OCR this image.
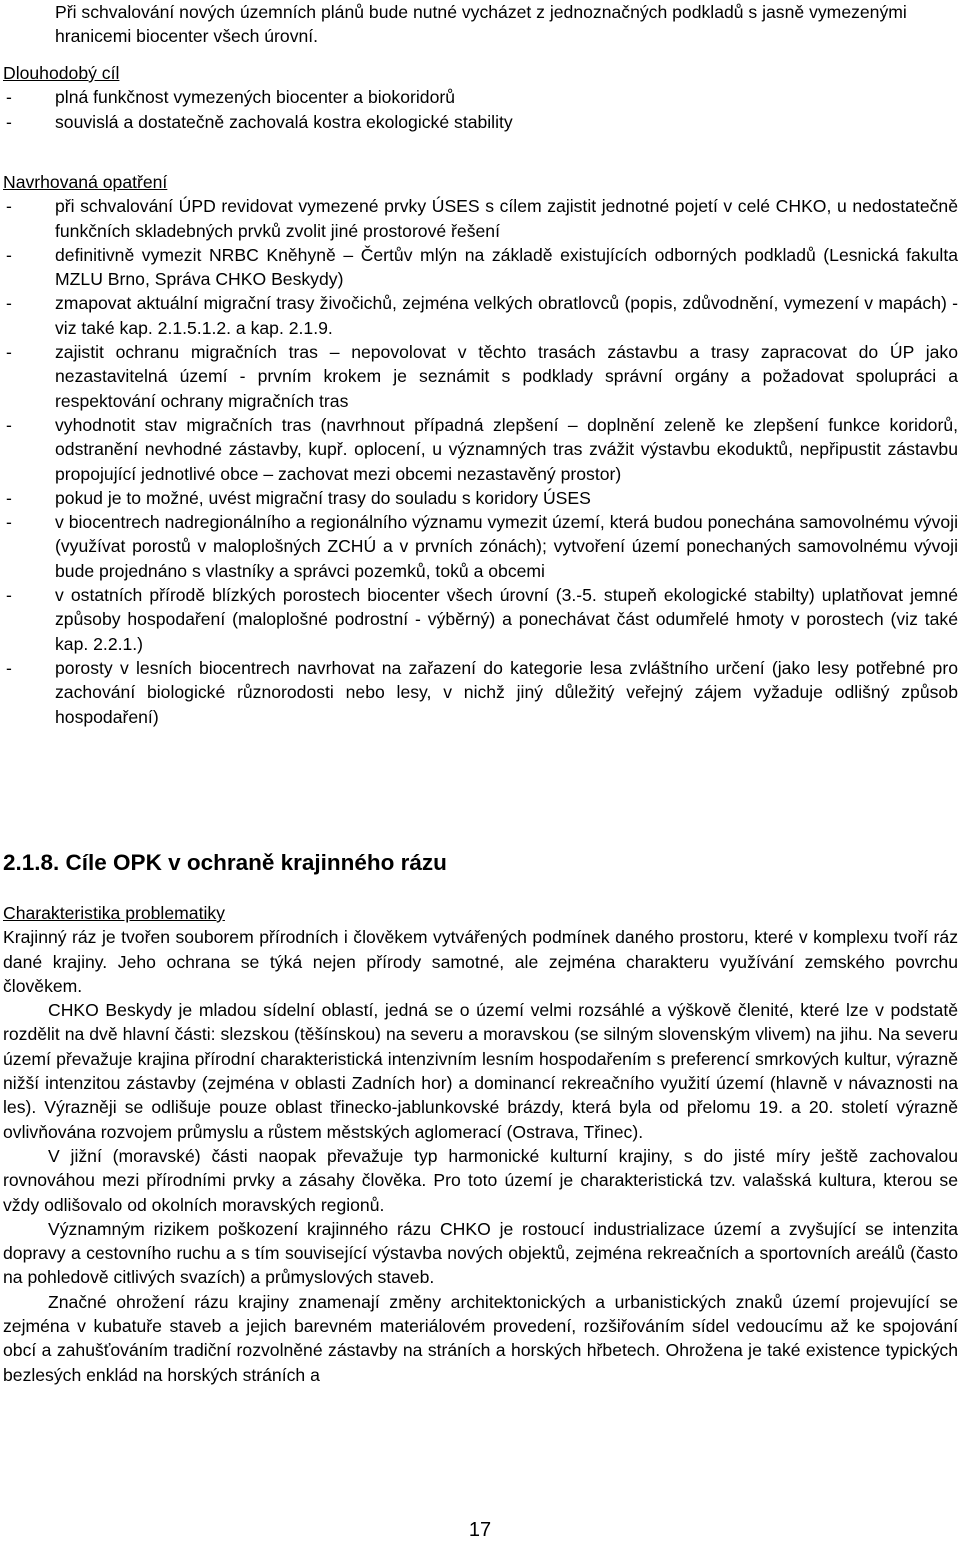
Při schvalování nových územních plánů bude nutné vycházet z jednoznačných podkladů s jasně vymezenými hranicemi biocenter všech úrovní.
Dlouhodobý cíl
-	plná funkčnost vymezených biocenter a biokoridorů
-	souvislá a dostatečně zachovalá kostra ekologické stability
Navrhovaná opatření
-	při schvalování ÚPD revidovat vymezené prvky ÚSES s cílem zajistit jednotné pojetí v celé CHKO, u nedostatečně funkčních skladebných prvků zvolit jiné prostorové řešení
-	definitivně vymezit NRBC Kněhyně – Čertův mlýn na základě existujících odborných podkladů (Lesnická fakulta MZLU Brno, Správa CHKO Beskydy)
-	zmapovat aktuální migrační trasy živočichů, zejména velkých obratlovců (popis, zdůvodnění, vymezení v mapách) - viz také kap. 2.1.5.1.2. a kap. 2.1.9.
-	zajistit ochranu migračních tras – nepovolovat v těchto trasách zástavbu a trasy zapracovat do ÚP jako nezastavitelná území - prvním krokem je seznámit s podklady správní orgány a požadovat spolupráci a respektování ochrany migračních tras
-	vyhodnotit stav migračních tras (navrhnout případná zlepšení – doplnění zeleně ke zlepšení funkce koridorů, odstranění nevhodné zástavby, kupř. oplocení, u významných tras zvážit výstavbu ekoduktů, nepřipustit zástavbu propojující jednotlivé obce – zachovat mezi obcemi nezastavěný prostor)
-	pokud je to možné, uvést migrační trasy do souladu s koridory ÚSES
-	v biocentrech nadregionálního a regionálního významu vymezit území, která budou ponechána samovolnému vývoji (využívat porostů v maloplošných ZCHÚ a v prvních zónách); vytvoření území ponechaných samovolnému vývoji bude projednáno s vlastníky a správci pozemků, toků a obcemi
-	v ostatních přírodě blízkých porostech biocenter všech úrovní (3.-5. stupeň ekologické stabilty) uplatňovat jemné způsoby hospodaření (maloplošné podrostní - výběrný) a ponechávat část odumřelé hmoty v porostech (viz také kap. 2.2.1.)
-	porosty v lesních biocentrech navrhovat na zařazení do kategorie lesa zvláštního určení (jako lesy potřebné pro zachování biologické různorodosti nebo lesy, v nichž jiný důležitý veřejný zájem vyžaduje odlišný způsob hospodaření)
2.1.8. Cíle OPK v ochraně krajinného rázu
Charakteristika problematiky
Krajinný ráz je tvořen souborem přírodních i člověkem vytvářených podmínek daného prostoru, které v komplexu tvoří ráz dané krajiny. Jeho ochrana se týká nejen přírody samotné, ale zejména charakteru využívání zemského povrchu člověkem.
CHKO Beskydy je mladou sídelní oblastí, jedná se o území velmi rozsáhlé a výškově členité, které lze v podstatě rozdělit na dvě hlavní části: slezskou (těšínskou) na severu a moravskou (se silným slovenským vlivem) na jihu. Na severu území převažuje krajina přírodní charakteristická intenzivním lesním hospodařením s preferencí smrkových kultur, výrazně nižší intenzitou zástavby (zejména v oblasti Zadních hor) a dominancí rekreačního využití území (hlavně v návaznosti na les). Výrazněji se odlišuje pouze oblast třinecko-jablunkovské brázdy, která byla od přelomu 19. a 20. století výrazně ovlivňována rozvojem průmyslu a růstem městských aglomerací (Ostrava, Třinec).
V jižní (moravské) části naopak převažuje typ harmonické kulturní krajiny, s do jisté míry ještě zachovalou rovnováhou mezi přírodními prvky a zásahy člověka. Pro toto území je charakteristická tzv. valašská kultura, kterou se vždy odlišovalo od okolních moravských regionů.
Významným rizikem poškození krajinného rázu CHKO je rostoucí industrializace území a zvyšující se intenzita dopravy a cestovního ruchu a s tím související výstavba nových objektů, zejména rekreačních a sportovních areálů (často na pohledově citlivých svazích) a průmyslových staveb.
Značné ohrožení rázu krajiny znamenají změny architektonických a urbanistických znaků území projevující se zejména v kubatuře staveb a jejich barevném materiálovém provedení, rozšiřováním sídel vedoucímu až ke spojování obcí a zahušťováním tradiční rozvolněné zástavby na stráních a horských hřbetech. Ohrožena je také existence typických bezlesých enklád na horských stráních a
17
